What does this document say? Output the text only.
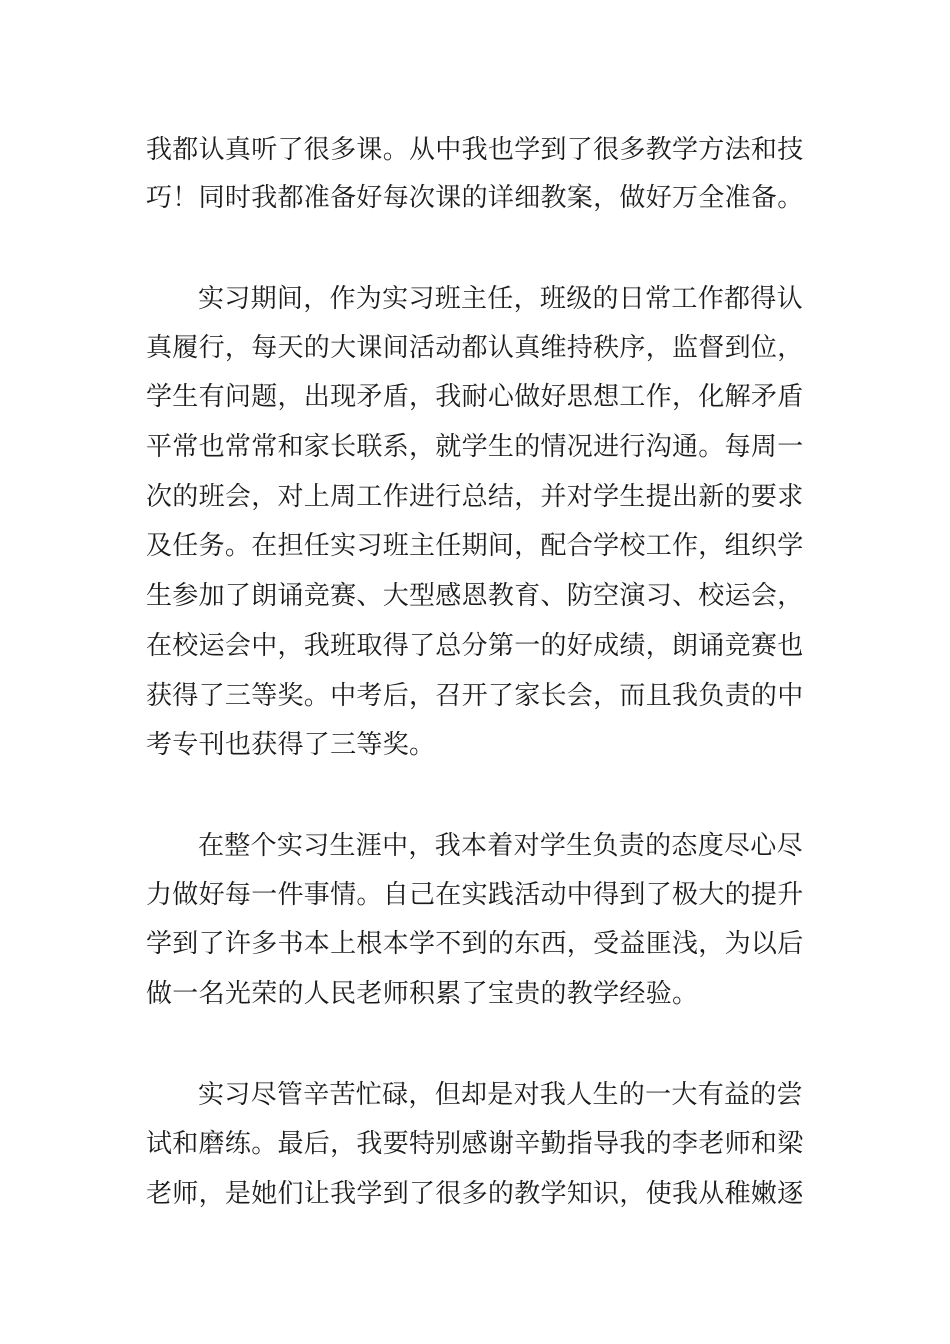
我都认真听了很多课。从中我也学到了很多教学方法和技
巧！同时我都准备好每次课的详细教案，做好万全准备。
实习期间，作为实习班主任，班级的日常工作都得认
真履行，每天的大课间活动都认真维持秩序，监督到位，
学生有问题，出现矛盾，我耐心做好思想工作，化解矛盾
平常也常常和家长联系，就学生的情况进行沟通。每周一
次的班会，对上周工作进行总结，并对学生提出新的要求
及任务。在担任实习班主任期间，配合学校工作，组织学
生参加了朗诵竞赛、大型感恩教育、防空演习、校运会，
在校运会中，我班取得了总分第一的好成绩，朗诵竞赛也
获得了三等奖。中考后，召开了家长会，而且我负责的中
考专刊也获得了三等奖。
在整个实习生涯中，我本着对学生负责的态度尽心尽
力做好每一件事情。自己在实践活动中得到了极大的提升
学到了许多书本上根本学不到的东西，受益匪浅，为以后
做一名光荣的人民老师积累了宝贵的教学经验。
实习尽管辛苦忙碌，但却是对我人生的一大有益的尝
试和磨练。最后，我要特别感谢辛勤指导我的李老师和梁
老师，是她们让我学到了很多的教学知识，使我从稚嫩逐
